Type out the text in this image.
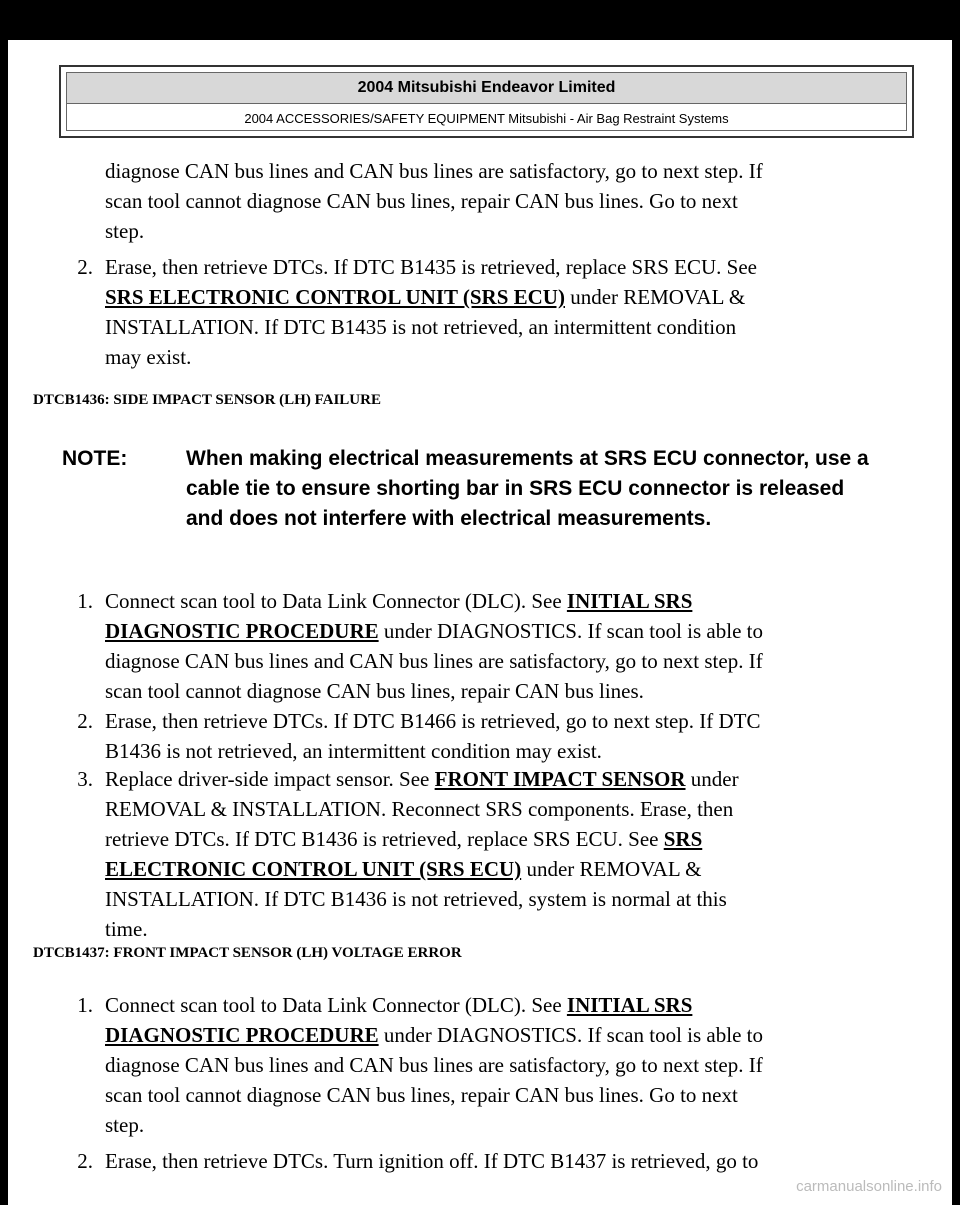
2004 Mitsubishi Endeavor Limited
2004 ACCESSORIES/SAFETY EQUIPMENT Mitsubishi - Air Bag Restraint Systems

diagnose CAN bus lines and CAN bus lines are satisfactory, go to next step. If

scan tool cannot diagnose CAN bus lines, repair CAN bus lines. Go to next

step.

2. Erase, then retrieve DTCs. If DTC B1435 is retrieved, replace SRS ECU. See
SRS ELECTRONIC CONTROL UNIT (SRS ECU) under REMOVAL &
INSTALLATION. If DTC B1435 is not retrieved, an intermittent condition
may exist.

DTCB1436: SIDE IMPACT SENSOR (LH) FAILURE

NOTE:	When making electrical measurements at SRS ECU connector, use a cable tie to ensure shorting bar in SRS ECU connector is released and does not interfere with electrical measurements.
1. Connect scan tool to Data Link Connector (DLC). See INITIAL SRS
DIAGNOSTIC PROCEDURE under DIAGNOSTICS. If scan tool is able to
diagnose CAN bus lines and CAN bus lines are satisfactory, go to next step. If
scan tool cannot diagnose CAN bus lines, repair CAN bus lines.
2. Erase, then retrieve DTCs. If DTC B1466 is retrieved, go to next step. If DTC
B1436 is not retrieved, an intermittent condition may exist.
3. Replace driver-side impact sensor. See FRONT IMPACT SENSOR under
REMOVAL & INSTALLATION. Reconnect SRS components. Erase, then
retrieve DTCs. If DTC B1436 is retrieved, replace SRS ECU. See SRS
ELECTRONIC CONTROL UNIT (SRS ECU) under REMOVAL &
INSTALLATION. If DTC B1436 is not retrieved, system is normal at this
time.

DTCB1437: FRONT IMPACT SENSOR (LH) VOLTAGE ERROR

1. Connect scan tool to Data Link Connector (DLC). See INITIAL SRS
DIAGNOSTIC PROCEDURE under DIAGNOSTICS. If scan tool is able to
diagnose CAN bus lines and CAN bus lines are satisfactory, go to next step. If
scan tool cannot diagnose CAN bus lines, repair CAN bus lines. Go to next
step.
2. Erase, then retrieve DTCs. Turn ignition off. If DTC B1437 is retrieved, go to
carmanualsonline.info
